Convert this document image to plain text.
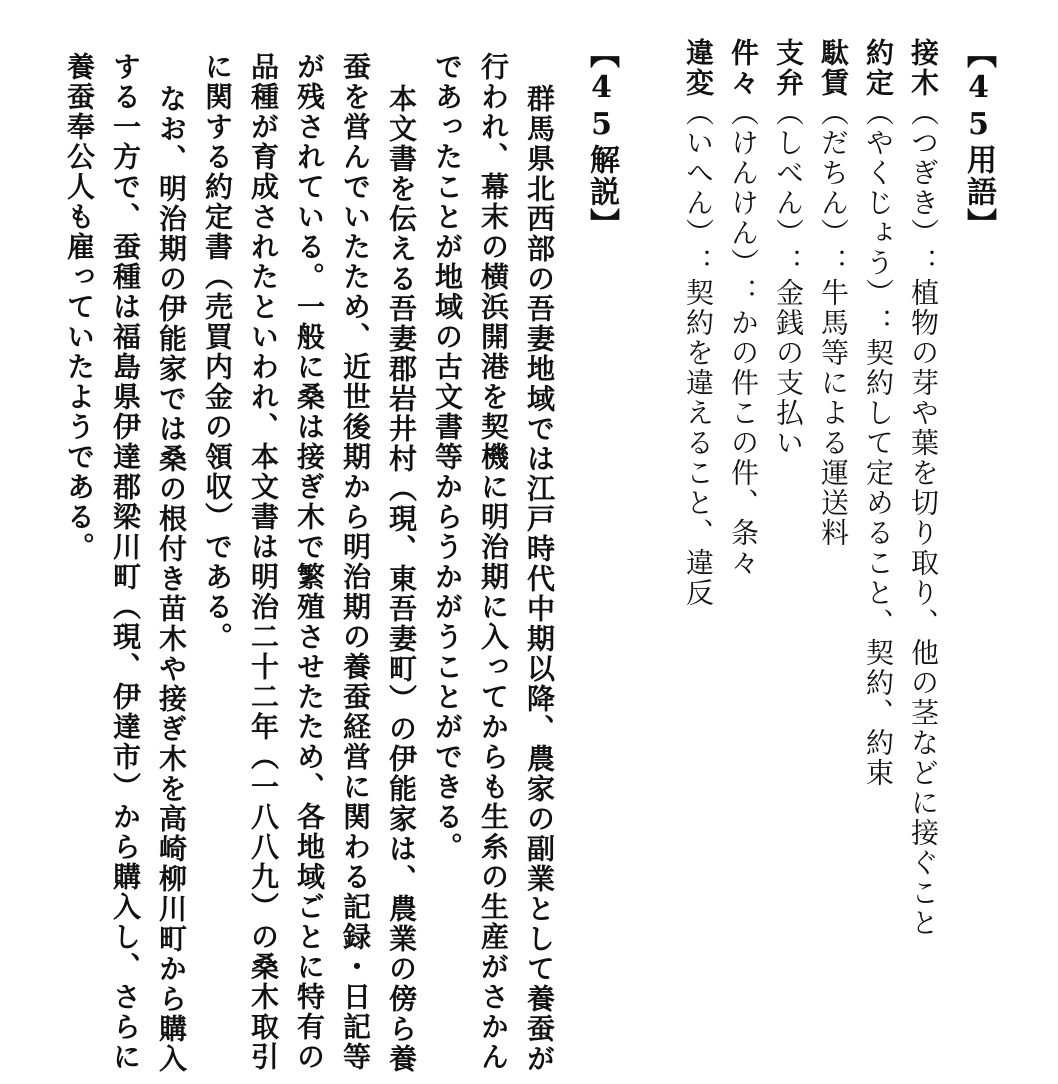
【45用語】
接木（つぎき）：植物の芽や葉を切り取り、他の茎などに接ぐこと
約定（やくじょう）：契約して定めること、契約、約束
駄賃（だちん）：牛馬等による運送料
支弁（しべん）：金銭の支払い
件々（けんけん）：かの件この件、条々
違変（いへん）：契約を違えること、違反
【45解説】
群馬県北西部の吾妻地域では江戸時代中期以降、農家の副業として養蚕が
行われ、幕末の横浜開港を契機に明治期に入ってからも生糸の生産がさかん
であったことが地域の古文書等からうかがうことができる。
本文書を伝える吾妻郡岩井村（現、東吾妻町）の伊能家は、農業の傍ら養
蚕を営んでいたため、近世後期から明治期の養蚕経営に関わる記録・日記等
が残されている。一般に桑は接ぎ木で繁殖させたため、各地域ごとに特有の
品種が育成されたといわれ、本文書は明治二十二年（一八八九）の桑木取引
に関する約定書（売買内金の領収）である。
なお、明治期の伊能家では桑の根付き苗木や接ぎ木を高崎柳川町から購入
する一方で、蚕種は福島県伊達郡梁川町（現、伊達市）から購入し、さらに
養蚕奉公人も雇っていたようである。
